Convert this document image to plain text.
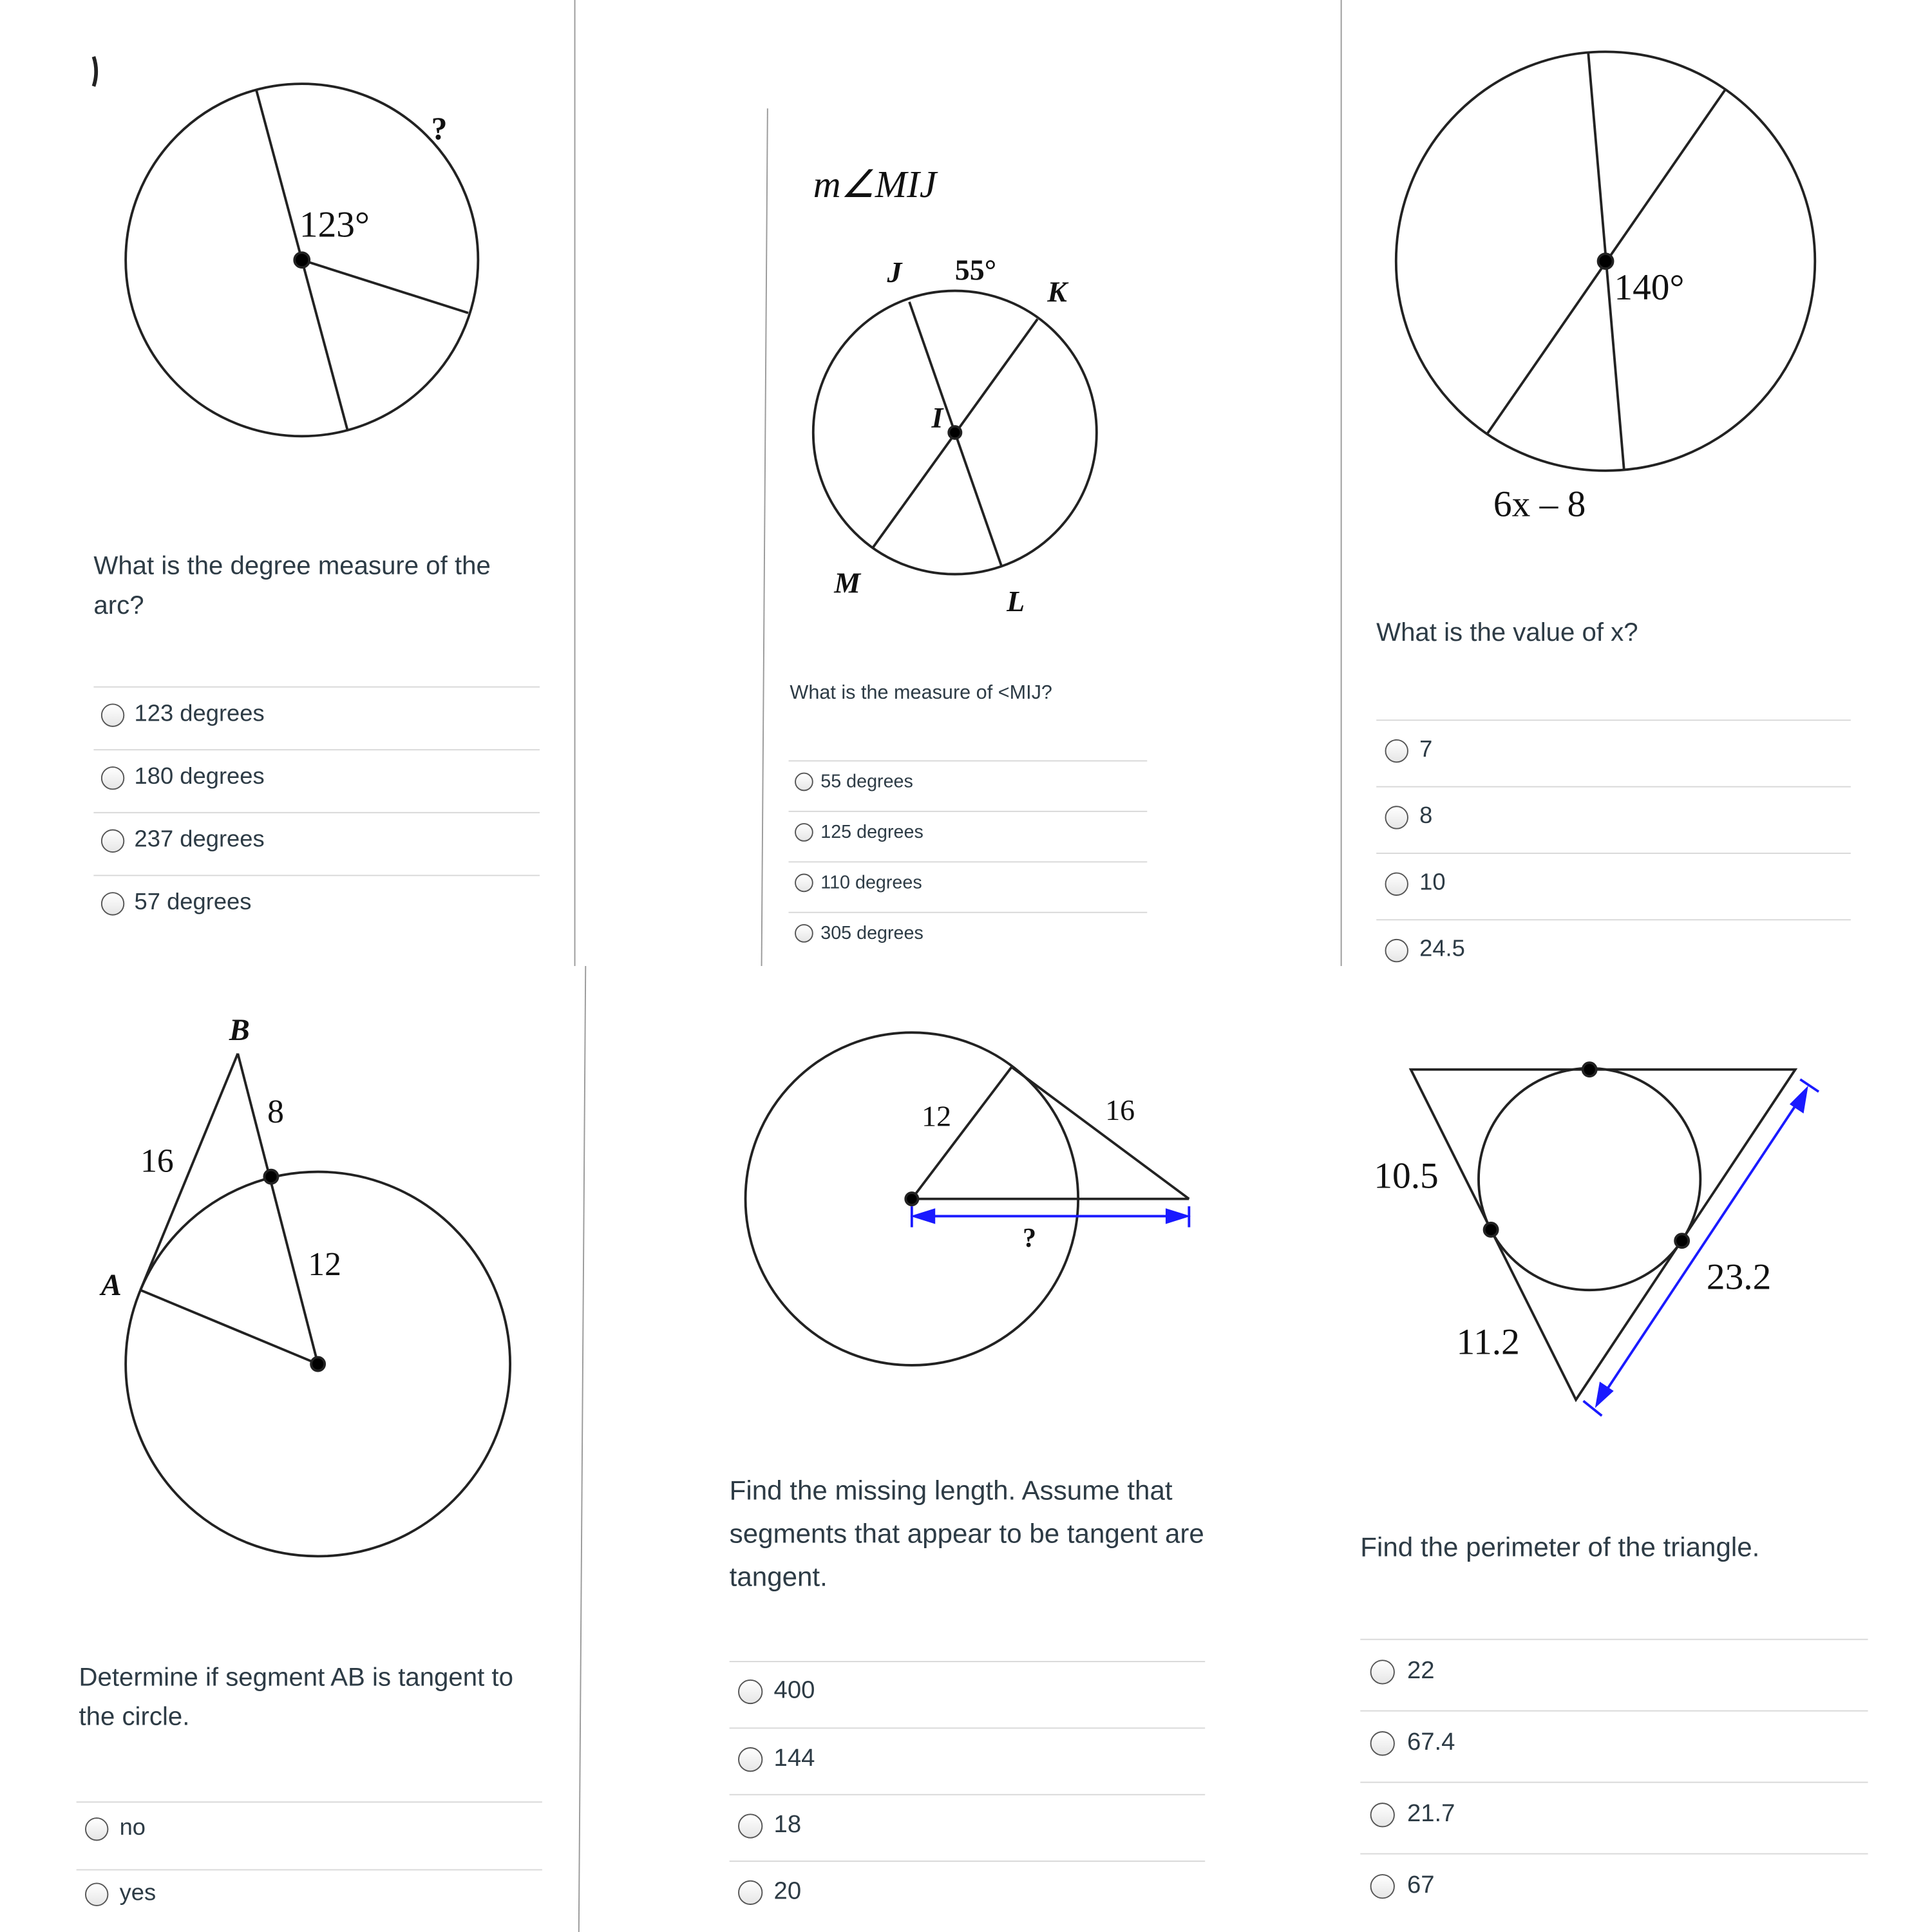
123°
?
m∠MIJ
J	55°
K
I
M
L
140°
6x – 8
B
A
16
8
12
12	16
?
10.5
23.2
11.2
What is the degree measure of the arc?
123 degrees
180 degrees
237 degrees
57 degrees
What is the measure of <MIJ?
55 degrees
125 degrees
110 degrees
305 degrees
What is the value of x?
7
8
10
24.5
Determine if segment AB is tangent to the circle.
no
yes
Find the missing length. Assume that segments that appear to be tangent are tangent.
400
144
18
20
Find the perimeter of the triangle.
22
67.4
21.7
67
